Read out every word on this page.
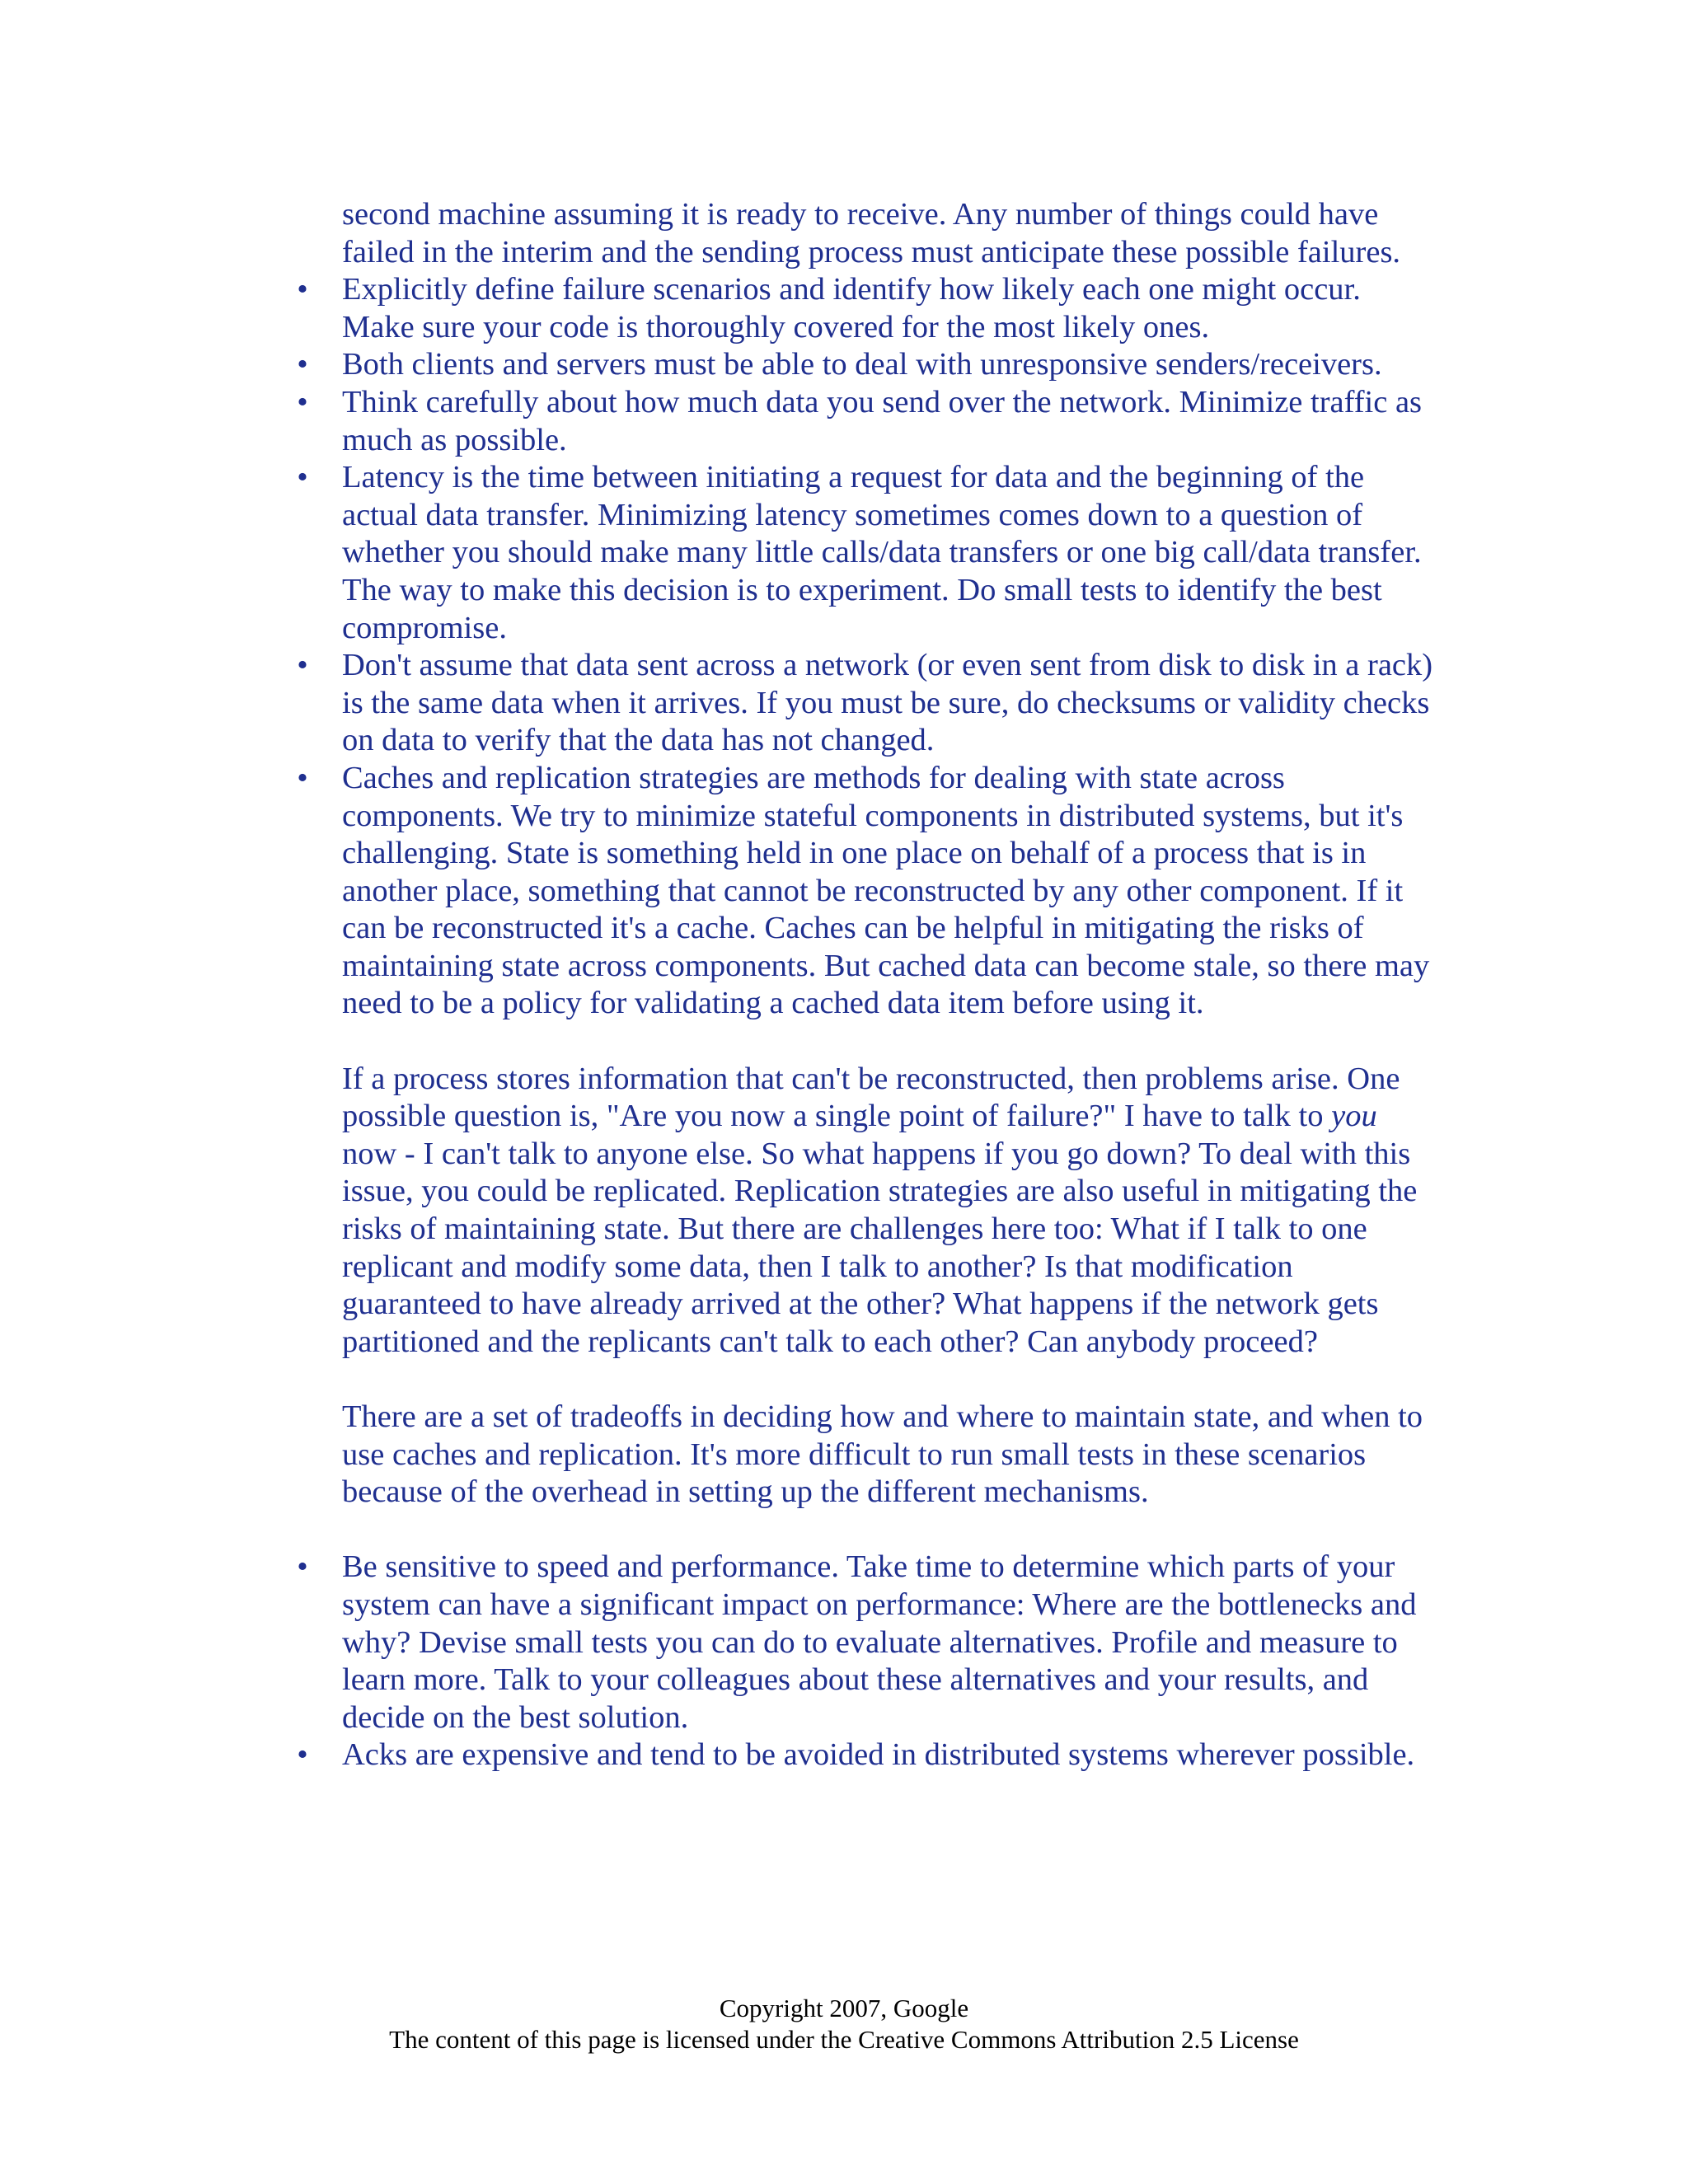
second machine assuming it is ready to receive. Any number of things could have failed in the interim and the sending process must anticipate these possible failures.

• Explicitly define failure scenarios and identify how likely each one might occur. Make sure your code is thoroughly covered for the most likely ones.

• Both clients and servers must be able to deal with unresponsive senders/receivers.

• Think carefully about how much data you send over the network. Minimize traffic as much as possible.

• Latency is the time between initiating a request for data and the beginning of the actual data transfer. Minimizing latency sometimes comes down to a question of whether you should make many little calls/data transfers or one big call/data transfer. The way to make this decision is to experiment. Do small tests to identify the best compromise.

• Don't assume that data sent across a network (or even sent from disk to disk in a rack) is the same data when it arrives. If you must be sure, do checksums or validity checks on data to verify that the data has not changed.

• Caches and replication strategies are methods for dealing with state across components. We try to minimize stateful components in distributed systems, but it's challenging. State is something held in one place on behalf of a process that is in another place, something that cannot be reconstructed by any other component. If it can be reconstructed it's a cache. Caches can be helpful in mitigating the risks of maintaining state across components. But cached data can become stale, so there may need to be a policy for validating a cached data item before using it.

If a process stores information that can't be reconstructed, then problems arise. One possible question is, "Are you now a single point of failure?" I have to talk to you now - I can't talk to anyone else. So what happens if you go down? To deal with this issue, you could be replicated. Replication strategies are also useful in mitigating the risks of maintaining state. But there are challenges here too: What if I talk to one replicant and modify some data, then I talk to another? Is that modification guaranteed to have already arrived at the other? What happens if the network gets partitioned and the replicants can't talk to each other? Can anybody proceed?

There are a set of tradeoffs in deciding how and where to maintain state, and when to use caches and replication. It's more difficult to run small tests in these scenarios because of the overhead in setting up the different mechanisms.

• Be sensitive to speed and performance. Take time to determine which parts of your system can have a significant impact on performance: Where are the bottlenecks and why? Devise small tests you can do to evaluate alternatives. Profile and measure to learn more. Talk to your colleagues about these alternatives and your results, and decide on the best solution.

• Acks are expensive and tend to be avoided in distributed systems wherever possible.

Copyright 2007, Google
The content of this page is licensed under the Creative Commons Attribution 2.5 License
